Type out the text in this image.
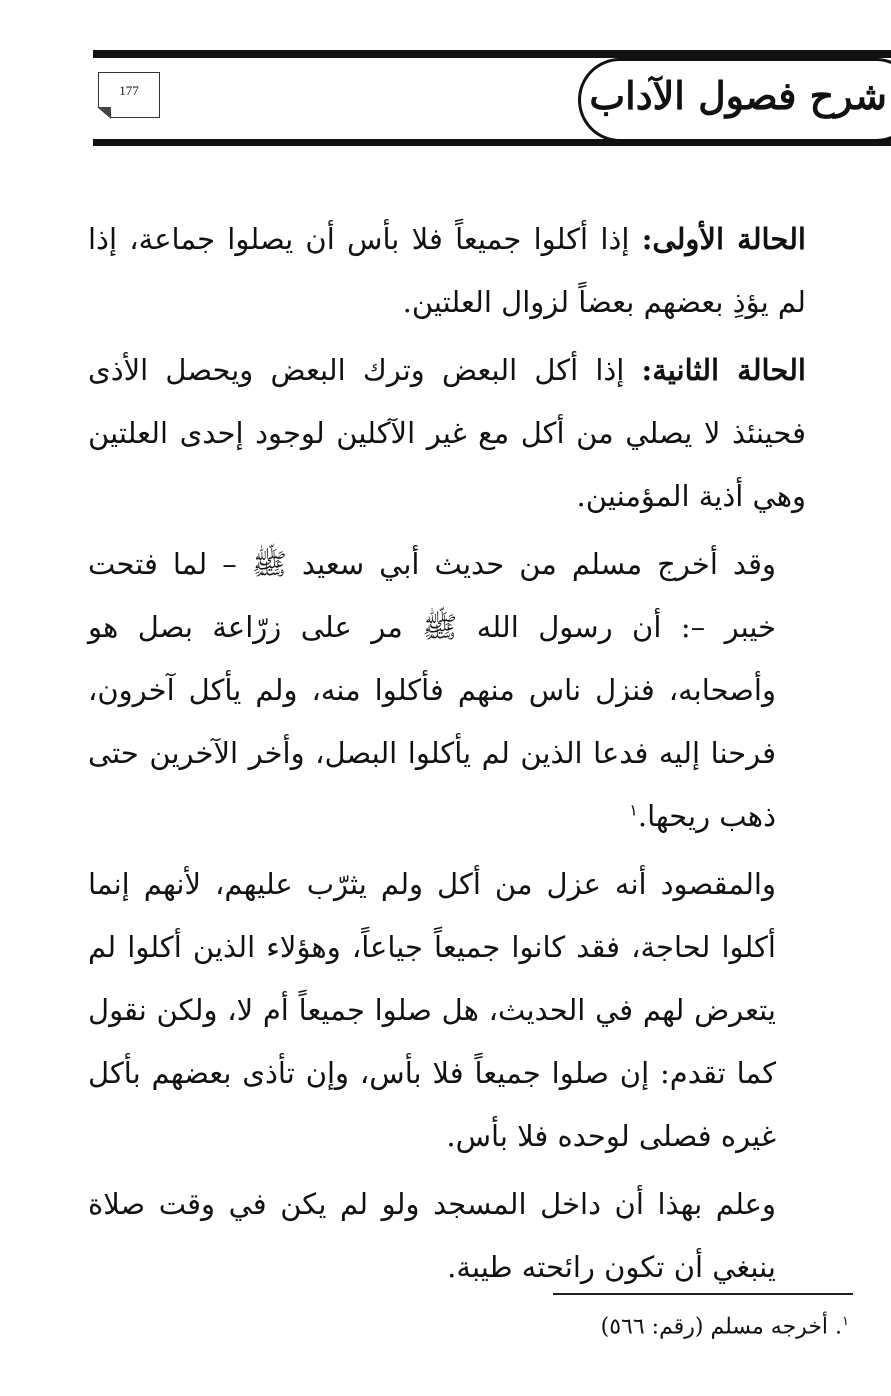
شرح فصول الآداب
177

الحالة الأولى: إذا أكلوا جميعاً فلا بأس أن يصلوا جماعة، إذا لم يؤذِ بعضهم بعضاً لزوال العلتين.

الحالة الثانية: إذا أكل البعض وترك البعض ويحصل الأذى فحينئذ لا يصلي من أكل مع غير الآكلين لوجود إحدى العلتين وهي أذية المؤمنين.

وقد أخرج مسلم من حديث أبي سعيد ﷺ – لما فتحت خيبر –: أن رسول الله ﷺ مر على زرّاعة بصل هو وأصحابه، فنزل ناس منهم فأكلوا منه، ولم يأكل آخرون، فرحنا إليه فدعا الذين لم يأكلوا البصل، وأخر الآخرين حتى ذهب ريحها.$^١$

والمقصود أنه عزل من أكل ولم يثرّب عليهم، لأنهم إنما أكلوا لحاجة، فقد كانوا جميعاً جياعاً، وهؤلاء الذين أكلوا لم يتعرض لهم في الحديث، هل صلوا جميعاً أم لا، ولكن نقول كما تقدم: إن صلوا جميعاً فلا بأس، وإن تأذى بعضهم بأكل غيره فصلى لوحده فلا بأس.

وعلم بهذا أن داخل المسجد ولو لم يكن في وقت صلاة ينبغي أن تكون رائحته طيبة.

$^١$. أخرجه مسلم (رقم: ٥٦٦)
